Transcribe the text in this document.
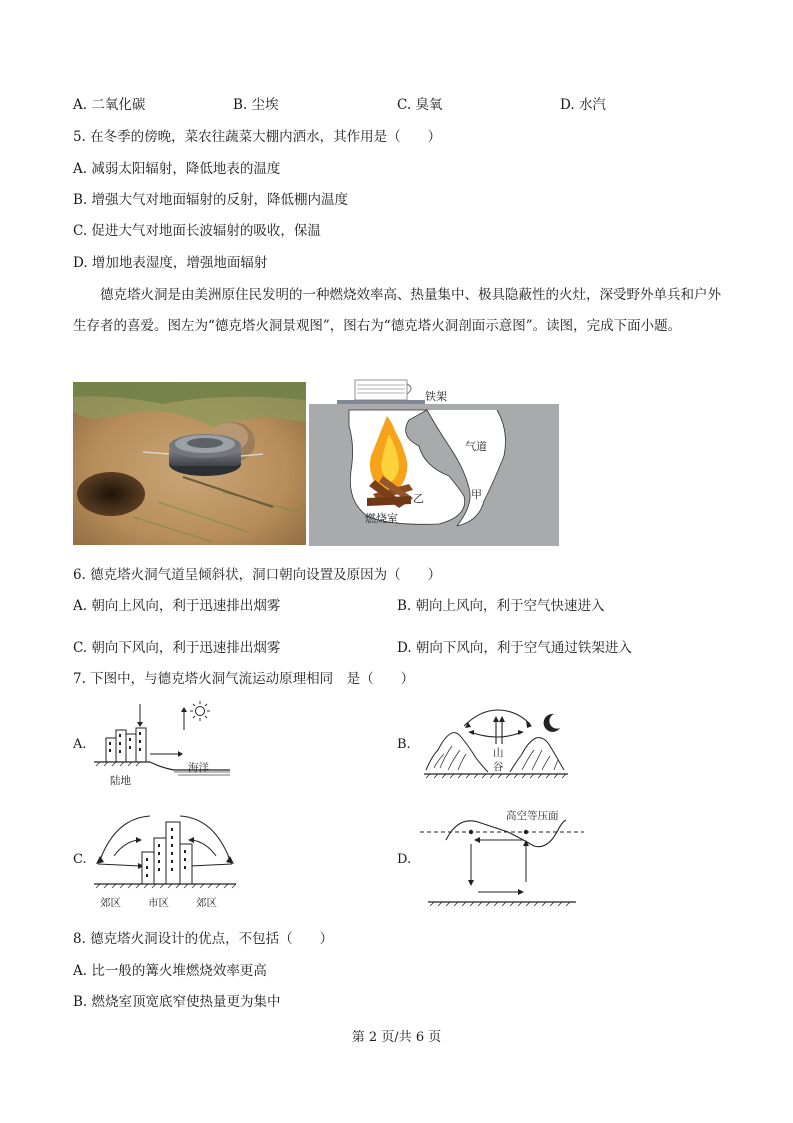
A. 二氧化碳	B. 尘埃	C. 臭氧	D. 水汽
5. 在冬季的傍晚，菜农往蔬菜大棚内洒水，其作用是（　　）
A. 减弱太阳辐射，降低地表的温度
B. 增强大气对地面辐射的反射，降低棚内温度
C. 促进大气对地面长波辐射的吸收，保温
D. 增加地表湿度，增强地面辐射
德克塔火洞是由美洲原住民发明的一种燃烧效率高、热量集中、极具隐蔽性的火灶，深受野外单兵和户外生存者的喜爱。图左为“德克塔火洞景观图”，图右为“德克塔火洞剖面示意图”。读图，完成下面小题。
铁架
气道
乙	甲
燃烧室
6. 德克塔火洞气道呈倾斜状，洞口朝向设置及原因为（　　）
A. 朝向上风向，利于迅速排出烟雾	B. 朝向上风向，利于空气快速进入
C. 朝向下风向，利于迅速排出烟雾	D. 朝向下风向，利于空气通过铁架进入
7. 下图中，与德克塔火洞气流运动原理相同　是（　　）
A.
陆地
海洋
B.
山
谷
C.
郊区	市区	郊区
D.
高空等压面
8. 德克塔火洞设计的优点，不包括（　　）
A. 比一般的篝火堆燃烧效率更高
B. 燃烧室顶宽底窄使热量更为集中
第 2 页/共 6 页
